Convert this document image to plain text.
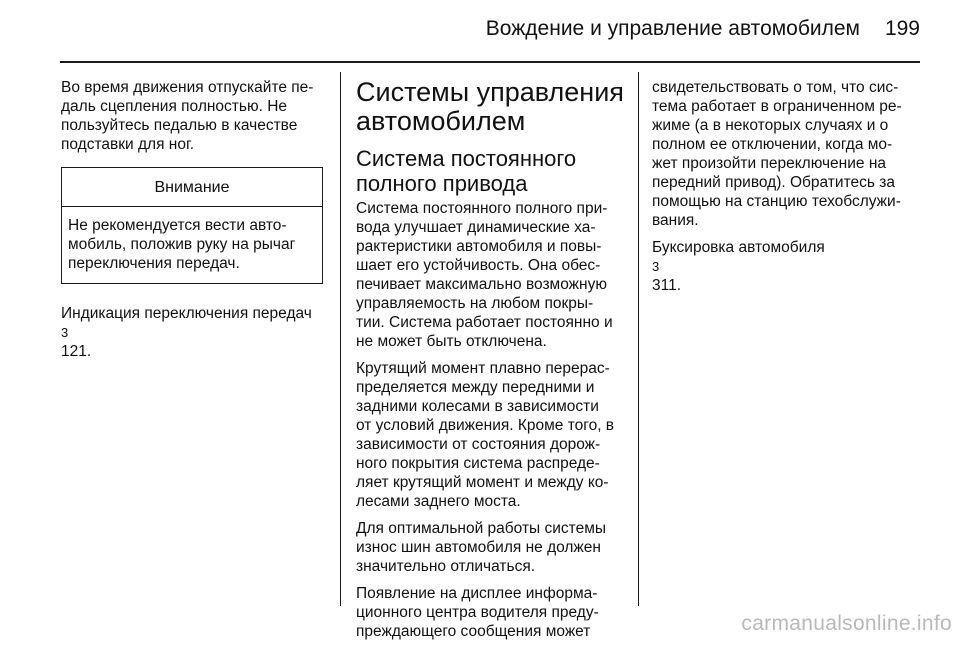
Вождение и управление автомобилем	199

Во время движения отпускайте пе-
даль сцепления полностью. Не
пользуйтесь педалью в качестве
подставки для ног.

Внимание

Не рекомендуется вести авто-
мобиль, положив руку на рычаг
переключения передач.

Индикация переключения передач
3
121.

Системы управления
автомобилем
Система постоянного
полного привода

Система постоянного полного при-
вода улучшает динамические ха-
рактеристики автомобиля и повы-
шает его устойчивость. Она обес-
печивает максимально возможную
управляемость на любом покры-
тии. Система работает постоянно и
не может быть отключена.

Крутящий момент плавно перерас-
пределяется между передними и
задними колесами в зависимости
от условий движения. Кроме того, в
зависимости от состояния дорож-
ного покрытия система распреде-
ляет крутящий момент и между ко-
лесами заднего моста.

Для оптимальной работы системы
износ шин автомобиля не должен
значительно отличаться.

Появление на дисплее информа-
ционного центра водителя преду-
преждающего сообщения может

свидетельствовать о том, что сис-
тема работает в ограниченном ре-
жиме (а в некоторых случаях и о
полном ее отключении, когда мо-
жет произойти переключение на
передний привод). Обратитесь за
помощью на станцию техобслужи-
вания.

Буксировка автомобиля
3
311.

carmanualsonline.info
